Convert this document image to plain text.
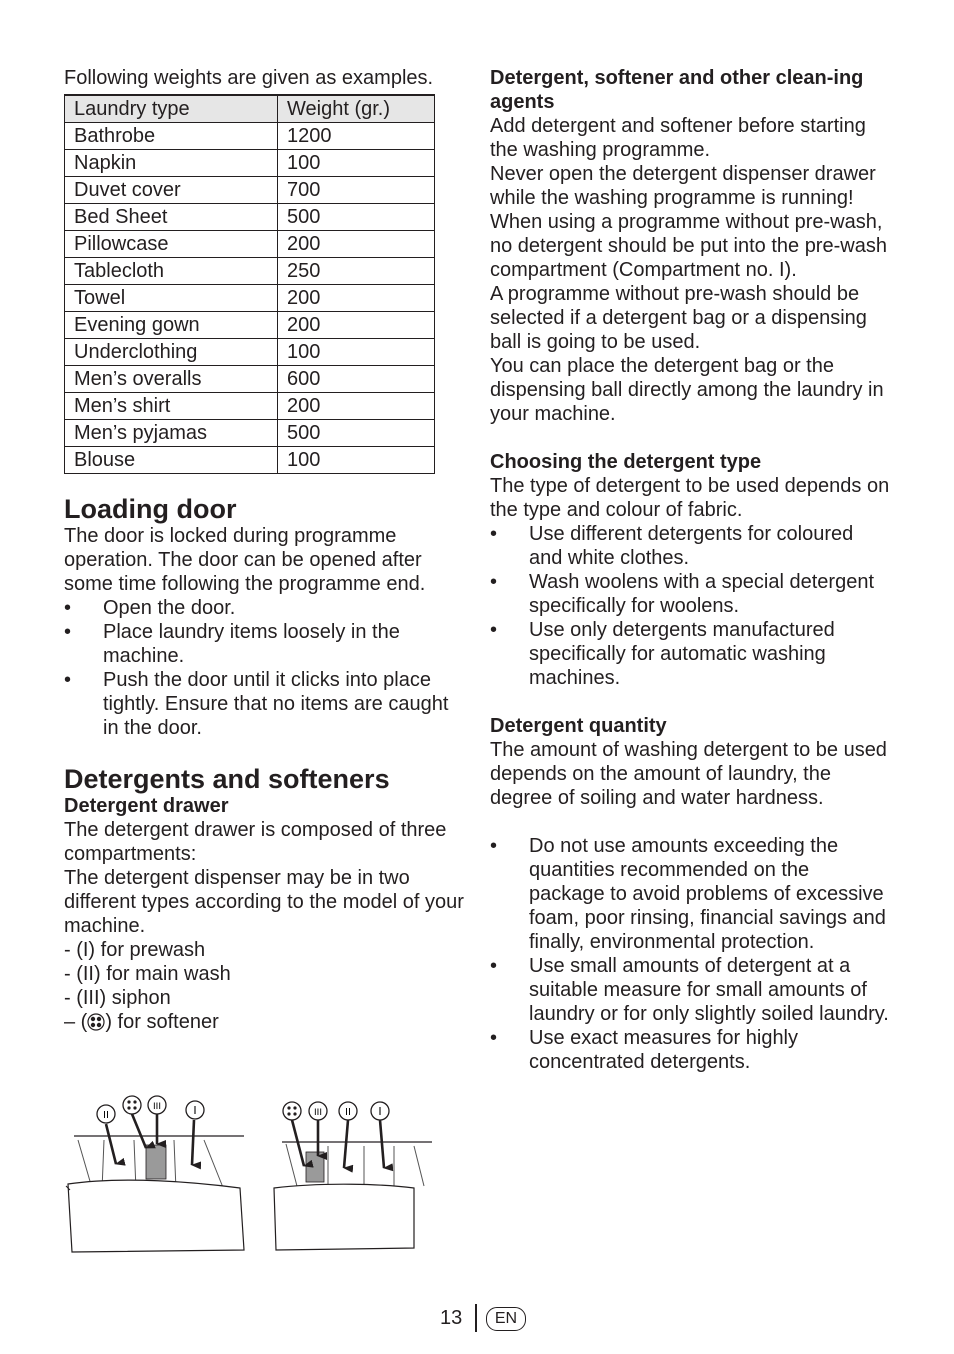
Following weights are given as examples.

Laundry type	Weight (gr.)
Bathrobe	1200
Napkin	100
Duvet cover	700
Bed Sheet	500
Pillowcase	200
Tablecloth	250
Towel	200
Evening gown	200
Underclothing	100
Men’s overalls	600
Men’s shirt	200
Men’s pyjamas	500
Blouse	100
Loading door

The door is locked during programme operation. The door can be opened after some time following the programme end.

•	Open the door.
•	Place laundry items loosely in the machine.
•	Push the door until it clicks into place tightly. Ensure that no items are caught in the door.
Detergents and softeners

Detergent drawer

The detergent drawer is composed of three compartments:

The detergent dispenser may be in two different types according to the model of your machine.

- (I) for prewash

- (II) for main wash

- (III) siphon

– ( ) for softener

II
III	I	III II I

Detergent, softener and other clean-ing agents

Add detergent and softener before starting the washing programme.

Never open the detergent dispenser drawer while the washing programme is running!

When using a programme without pre-wash, no detergent should be put into the pre-wash compartment (Compartment no. I).

A programme without pre-wash should be selected if a detergent bag or a dispensing ball is going to be used.

You can place the detergent bag or the dispensing ball directly among the laundry in your machine.

Choosing the detergent type

The type of detergent to be used depends on the type and colour of fabric.

•	Use different detergents for coloured and white clothes.
•	Wash woolens with a special detergent specifically for woolens.
•	Use only detergents manufactured specifically for automatic washing machines.

Detergent quantity

The amount of washing detergent to be used depends on the amount of laundry, the degree of soiling and water hardness.

•	Do not use amounts exceeding the quantities recommended on the package to avoid problems of excessive foam, poor rinsing, financial savings and finally, environmental protection.
•	Use small amounts of detergent at a suitable measure for small amounts of laundry or for only slightly soiled laundry.
•	Use exact measures for highly concentrated detergents.
13	EN
